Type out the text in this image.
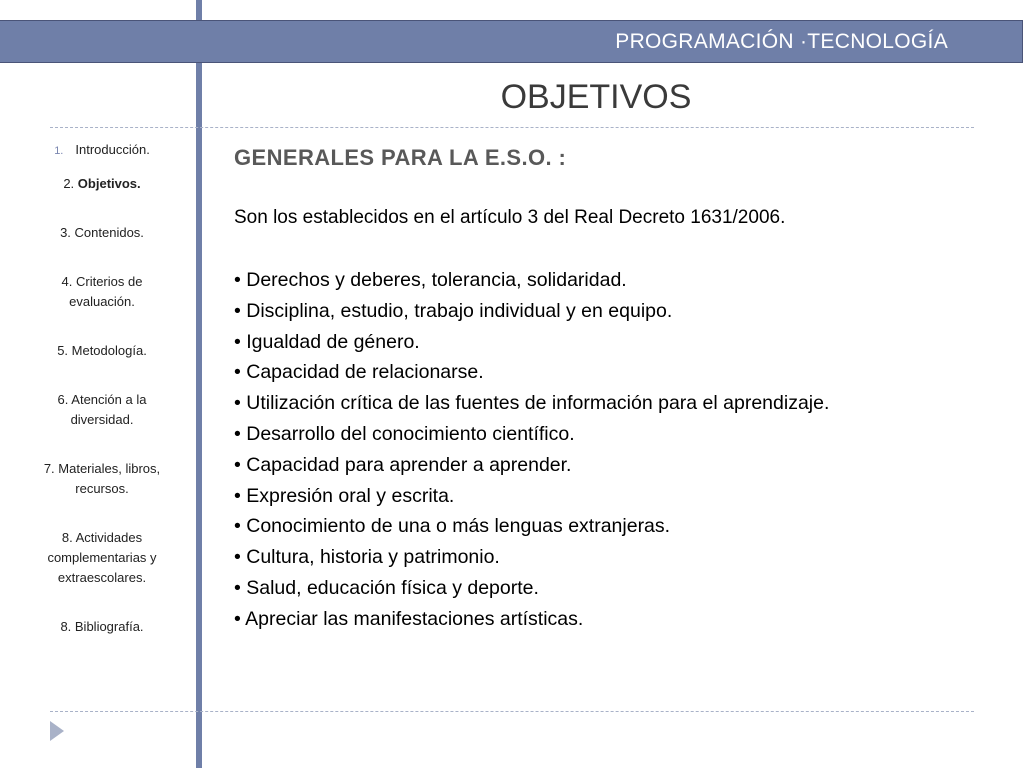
PROGRAMACIÓN ·TECNOLOGÍA
OBJETIVOS
1. Introducción.
2. Objetivos.
3. Contenidos.
4. Criterios de
evaluación.
5. Metodología.
6. Atención a la
diversidad.
7. Materiales, libros,
recursos.
8. Actividades
complementarias y
extraescolares.
8. Bibliografía.
GENERALES PARA LA E.S.O. :
Son los establecidos en el artículo 3 del Real Decreto 1631/2006.
• Derechos y deberes, tolerancia, solidaridad.
• Disciplina, estudio, trabajo individual y en equipo.
• Igualdad de género.
• Capacidad de relacionarse.
• Utilización crítica de las fuentes de información para el aprendizaje.
• Desarrollo del conocimiento científico.
• Capacidad para aprender a aprender.
• Expresión oral y escrita.
• Conocimiento de una o más lenguas extranjeras.
• Cultura, historia y patrimonio.
• Salud, educación física y deporte.
• Apreciar las manifestaciones artísticas.
